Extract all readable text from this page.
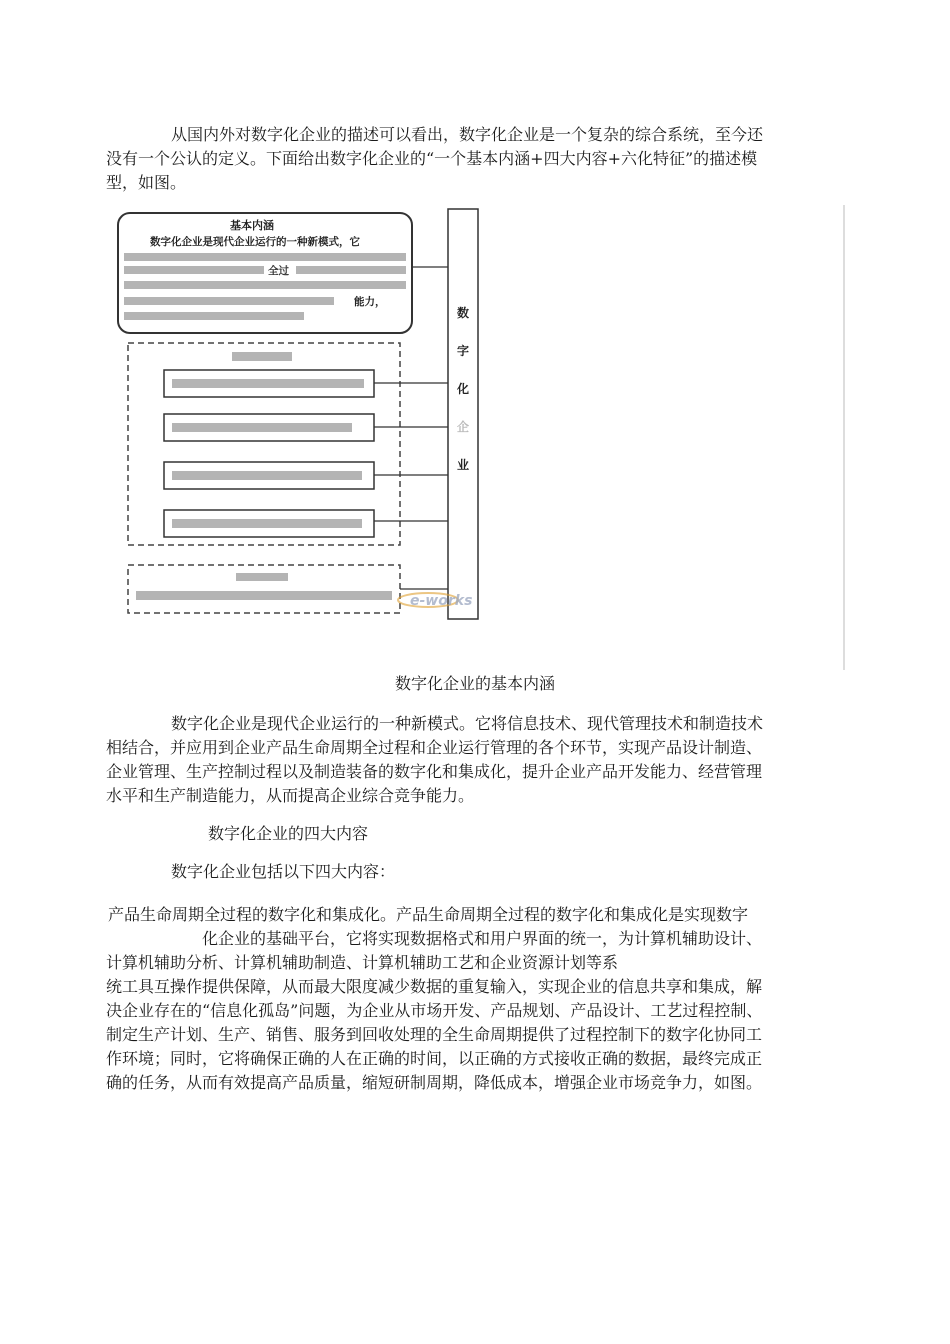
从国内外对数字化企业的描述可以看出，数字化企业是一个复杂的综合系统，至今还
没有一个公认的定义。下面给出数字化企业的“一个基本内涵+四大内容+六化特征”的描述模
型，如图。
基本内涵
数字化企业是现代企业运行的一种新模式，它
全过
能力，
数
字
化
企
业
e-works
数字化企业的基本内涵
数字化企业是现代企业运行的一种新模式。它将信息技术、现代管理技术和制造技术
相结合，并应用到企业产品生命周期全过程和企业运行管理的各个环节，实现产品设计制造、
企业管理、生产控制过程以及制造装备的数字化和集成化，提升企业产品开发能力、经营管理
水平和生产制造能力，从而提高企业综合竞争能力。
数字化企业的四大内容
数字化企业包括以下四大内容：
产品生命周期全过程的数字化和集成化。产品生命周期全过程的数字化和集成化是实现数字
化企业的基础平台，它将实现数据格式和用户界面的统一，为计算机辅助设计、
计算机辅助分析、计算机辅助制造、计算机辅助工艺和企业资源计划等系
统工具互操作提供保障，从而最大限度减少数据的重复输入，实现企业的信息共享和集成，解
决企业存在的“信息化孤岛”问题，为企业从市场开发、产品规划、产品设计、工艺过程控制、
制定生产计划、生产、销售、服务到回收处理的全生命周期提供了过程控制下的数字化协同工
作环境；同时，它将确保正确的人在正确的时间，以正确的方式接收正确的数据，最终完成正
确的任务，从而有效提高产品质量，缩短研制周期，降低成本，增强企业市场竞争力，如图。
